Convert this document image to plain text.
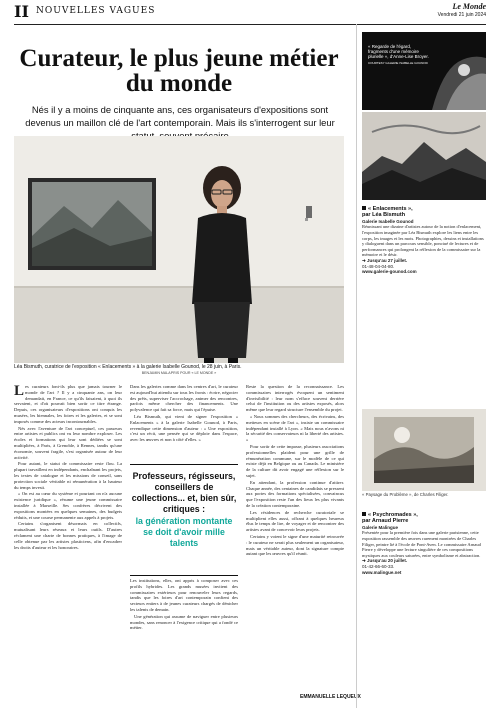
II NOUVELLES VAGUES	Le Monde
Vendredi 21 juin 2024
Curateur, le plus jeune métier du monde

Nés il y a moins de cinquante ans, ces organisateurs d'expositions sont devenus un maillon clé de l'art contemporain. Mais ils s'interrogent sur leur

Léa Bismuth, curatrice de l'exposition « Enlacements » à la galerie Isabelle Gounod, le 28 juin, à Paris.
BENJAMIN MALAPRIS POUR « LE MONDE »

Les curateurs font-ils plus que jamais tourner le monde de l'art ? Il y a cinquante ans, on leur demandait, en France, ce qu'ils faisaient, à quoi ils servaient, et d'où pouvait bien sortir ce titre étrange. Depuis, ces organisateurs d'expositions ont conquis les musées, les biennales, les foires et les galeries, et se sont imposés comme des acteurs incontournables.

Nés avec l'aventure de l'art conceptuel, ces passeurs entre artistes et publics ont vu leur nombre exploser. Les écoles et formations qui leur sont dédiées se sont multipliées, à Paris, à Grenoble, à Rennes, tandis qu'une économie, souvent fragile, s'est organisée autour de leur activité.

Pour autant, le statut de commissaire reste flou. La plupart travaillent en indépendants, enchaînant les projets, les textes de catalogue et les missions de conseil, sans protection sociale véritable ni rémunération à la hauteur du temps investi.

« On est au cœur du système et pourtant on n'a aucune existence juridique », résume une jeune commissaire installée à Marseille. Ses confrères décrivent des expositions montées en quelques semaines, des budgets réduits, et une course permanente aux appels à projets.

Certains s'organisent désormais en collectifs, mutualisant leurs réseaux et leurs outils. D'autres réclament une charte de bonnes pratiques, à l'image de celle obtenue par les artistes plasticiens, afin d'encadrer les droits d'auteur et les honoraires.

Dans les galeries comme dans les centres d'art, le curateur est aujourd'hui attendu sur tous les fronts : écrire, négocier des prêts, superviser l'accrochage, animer des rencontres, parfois même chercher des financements. Une polyvalence qui fait sa force, mais qui l'épuise.

Léa Bismuth, qui vient de signer l'exposition « Enlacements » à la galerie Isabelle Gounod, à Paris, revendique cette dimension d'auteur : « Une exposition, c'est un récit, une pensée qui se déploie dans l'espace, avec les œuvres et non à côté d'elles. »

Professeurs, régisseurs, conseillers de collections... et, bien sûr, critiques :
la génération montante se doit d'avoir mille talents

Les institutions, elles, ont appris à composer avec ces profils hybrides. Les grands musées invitent des commissaires extérieurs pour renouveler leurs regards, tandis que les foires d'art contemporain confient des secteurs entiers à de jeunes curateurs chargés de dénicher les talents de demain.

Une génération qui assume de naviguer entre plusieurs mondes, sans renoncer à l'exigence critique qui a fondé ce métier.

Reste la question de la reconnaissance. Les commissaires interrogés évoquent un sentiment d'invisibilité : leur nom s'efface souvent derrière celui de l'institution ou des artistes exposés, alors même que leur regard structure l'ensemble du projet.

« Nous sommes des chercheurs, des écrivains, des metteurs en scène de l'art », insiste un commissaire indépendant installé à Lyon. « Mais nous n'avons ni la sécurité des conservateurs ni la liberté des artistes. »

Pour sortir de cette impasse, plusieurs associations professionnelles plaident pour une grille de rémunération commune, sur le modèle de ce qui existe déjà en Belgique ou au Canada. Le ministère de la culture dit avoir engagé une réflexion sur le sujet.

En attendant, la profession continue d'attirer. Chaque année, des centaines de candidats se pressent aux portes des formations spécialisées, convaincus que l'exposition reste l'un des lieux les plus vivants de la création contemporaine.

Les résidences de recherche curatoriale se multiplient elles aussi, offrant à quelques heureux élus le temps de lire, de voyager et de rencontrer des artistes avant de concevoir leurs projets.

Certains y voient le signe d'une maturité retrouvée : le curateur ne serait plus seulement un organisateur, mais un véritable auteur, dont la signature compte autant que les œuvres qu'il réunit.

EMMANUELLE LEQUEUX
« Regarde de l'égard, fragments d'une mémoire plurielle », d'Anne-Lise Broyer.
COURTESY GALERIE ISABELLE GOUNOD
« Enlacements »,
par Léa Bismuth
Galerie Isabelle Gounod
Réunissant une dizaine d'artistes autour de la notion d'enlacement, l'exposition imaginée par Léa Bismuth explore les liens entre les corps, les images et les mots. Photographies, dessins et installations y dialoguent dans un parcours sensible, ponctué de lectures et de performances qui prolongent la réflexion de la commissaire sur la mémoire et le désir.
➜ Jusqu'au 27 juillet.
01-48-04-04-80.
www.galerie-gounod.com
« Paysage du Problème », de Charles Filiger.
« Psychromades »,
par Arnaud Pierre
Galerie Malingue
Présentée pour la première fois dans une galerie parisienne, cette exposition rassemble des œuvres rarement montrées de Charles Filiger, peintre lié à l'école de Pont-Aven. Le commissaire Arnaud Pierre y développe une lecture singulière de ces compositions mystiques aux couleurs saturées, entre symbolisme et abstraction.
➜ Jusqu'au 20 juillet.
01-42-66-60-33.
www.malingue.net
